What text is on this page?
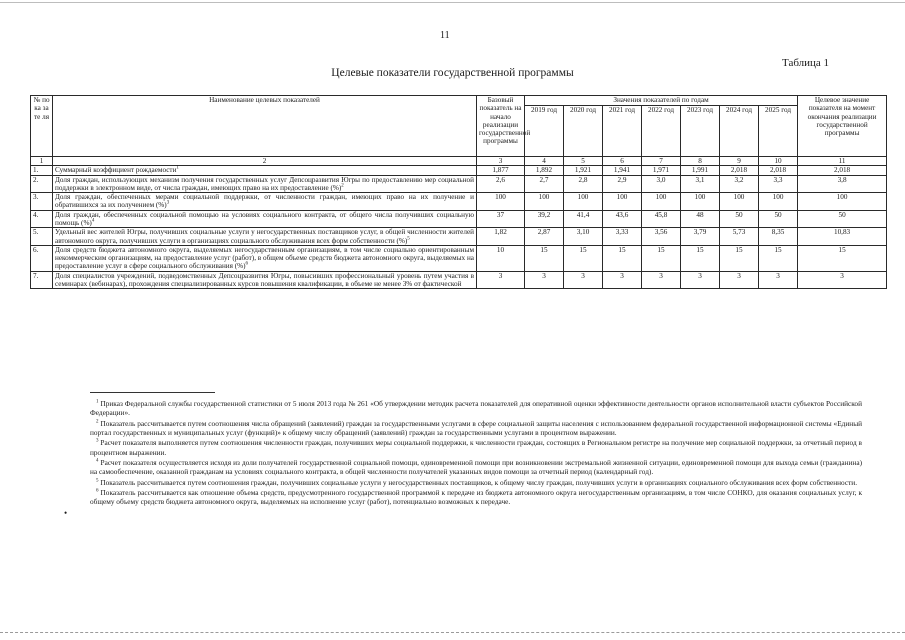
11
Таблица 1
Целевые показатели государственной программы
№ по ка за те ля	Наименование целевых показателей	Базовый показатель на начало реализации государственной программы	Значения показателей по годам							Целевое значение показателя на момент окончания реализации государственной программы
			2019 год	2020 год	2021 год	2022 год	2023 год	2024 год	2025 год	
1	2	3	4	5	6	7	8	9	10	11
1.	Суммарный коэффициент рождаемости$^1$	1,877	1,892	1,921	1,941	1,971	1,991	2,018	2,018	2,018
2.	Доля граждан, использующих механизм получения государственных услуг Депсоцразвития Югры по предоставлению мер социальной поддержки в электронном виде, от числа граждан, имеющих право на их предоставление (%)$^2$	2,6	2,7	2,8	2,9	3,0	3,1	3,2	3,3	3,8
3.	Доля граждан, обеспеченных мерами социальной поддержки, от численности граждан, имеющих право на их получение и обратившихся за их получением (%)$^3$	100	100	100	100	100	100	100	100	100
4.	Доля граждан, обеспеченных социальной помощью на условиях социального контракта, от общего числа получивших социальную помощь (%)$^4$	37	39,2	41,4	43,6	45,8	48	50	50	50
5.	Удельный вес жителей Югры, получивших социальные услуги у негосударственных поставщиков услуг, в общей численности жителей автономного округа, получивших услуги в организациях социального обслуживания всех форм собственности (%)$^5$	1,82	2,87	3,10	3,33	3,56	3,79	5,73	8,35	10,83
6.	Доля средств бюджета автономного округа, выделяемых негосударственным организациям, в том числе социально ориентированным некоммерческим организациям, на предоставление услуг (работ), в общем объеме средств бюджета автономного округа, выделяемых на предоставление услуг в сфере социального обслуживания (%)$^6$	10	15	15	15	15	15	15	15	15
7.	Доля специалистов учреждений, подведомственных Депсоцразвития Югры, повысивших профессиональный уровень путем участия в семинарах (вебинарах), прохождения специализированных курсов повышения квалификации, в объеме не менее 3% от фактической	3	3	3	3	3	3	3	3	3
•

$^1$ Приказ Федеральной службы государственной статистики от 5 июля 2013 года № 261 «Об утверждении методик расчета показателей для оперативной оценки эффективности деятельности органов исполнительной власти субъектов Российской Федерации».

$^2$ Показатель рассчитывается путем соотношения числа обращений (заявлений) граждан за государственными услугами в сфере социальной защиты населения с использованием федеральной государственной информационной системы «Единый портал государственных и муниципальных услуг (функций)» к общему числу обращений (заявлений) граждан за государственными услугами в процентном выражении.

$^3$ Расчет показателя выполняется путем соотношения численности граждан, получивших меры социальной поддержки, к численности граждан, состоящих в Региональном регистре на получение мер социальной поддержки, за отчетный период в процентном выражении.

$^4$ Расчет показателя осуществляется исходя из доли получателей государственной социальной помощи, единовременной помощи при возникновении экстремальной жизненной ситуации, единовременной помощи для выхода семьи (гражданина) на самообеспечение, оказанной гражданам на условиях социального контракта, в общей численности получателей указанных видов помощи за отчетный период (календарный год).

$^5$ Показатель рассчитывается путем соотношения граждан, получивших социальные услуги у негосударственных поставщиков, к общему числу граждан, получивших услуги в организациях социального обслуживания всех форм собственности.

$^6$ Показатель рассчитывается как отношение объема средств, предусмотренного государственной программой к передаче из бюджета автономного округа негосударственным организациям, в том числе СОНКО, для оказания социальных услуг, к общему объему средств бюджета автономного округа, выделяемых на исполнение услуг (работ), потенциально возможных к передаче.
